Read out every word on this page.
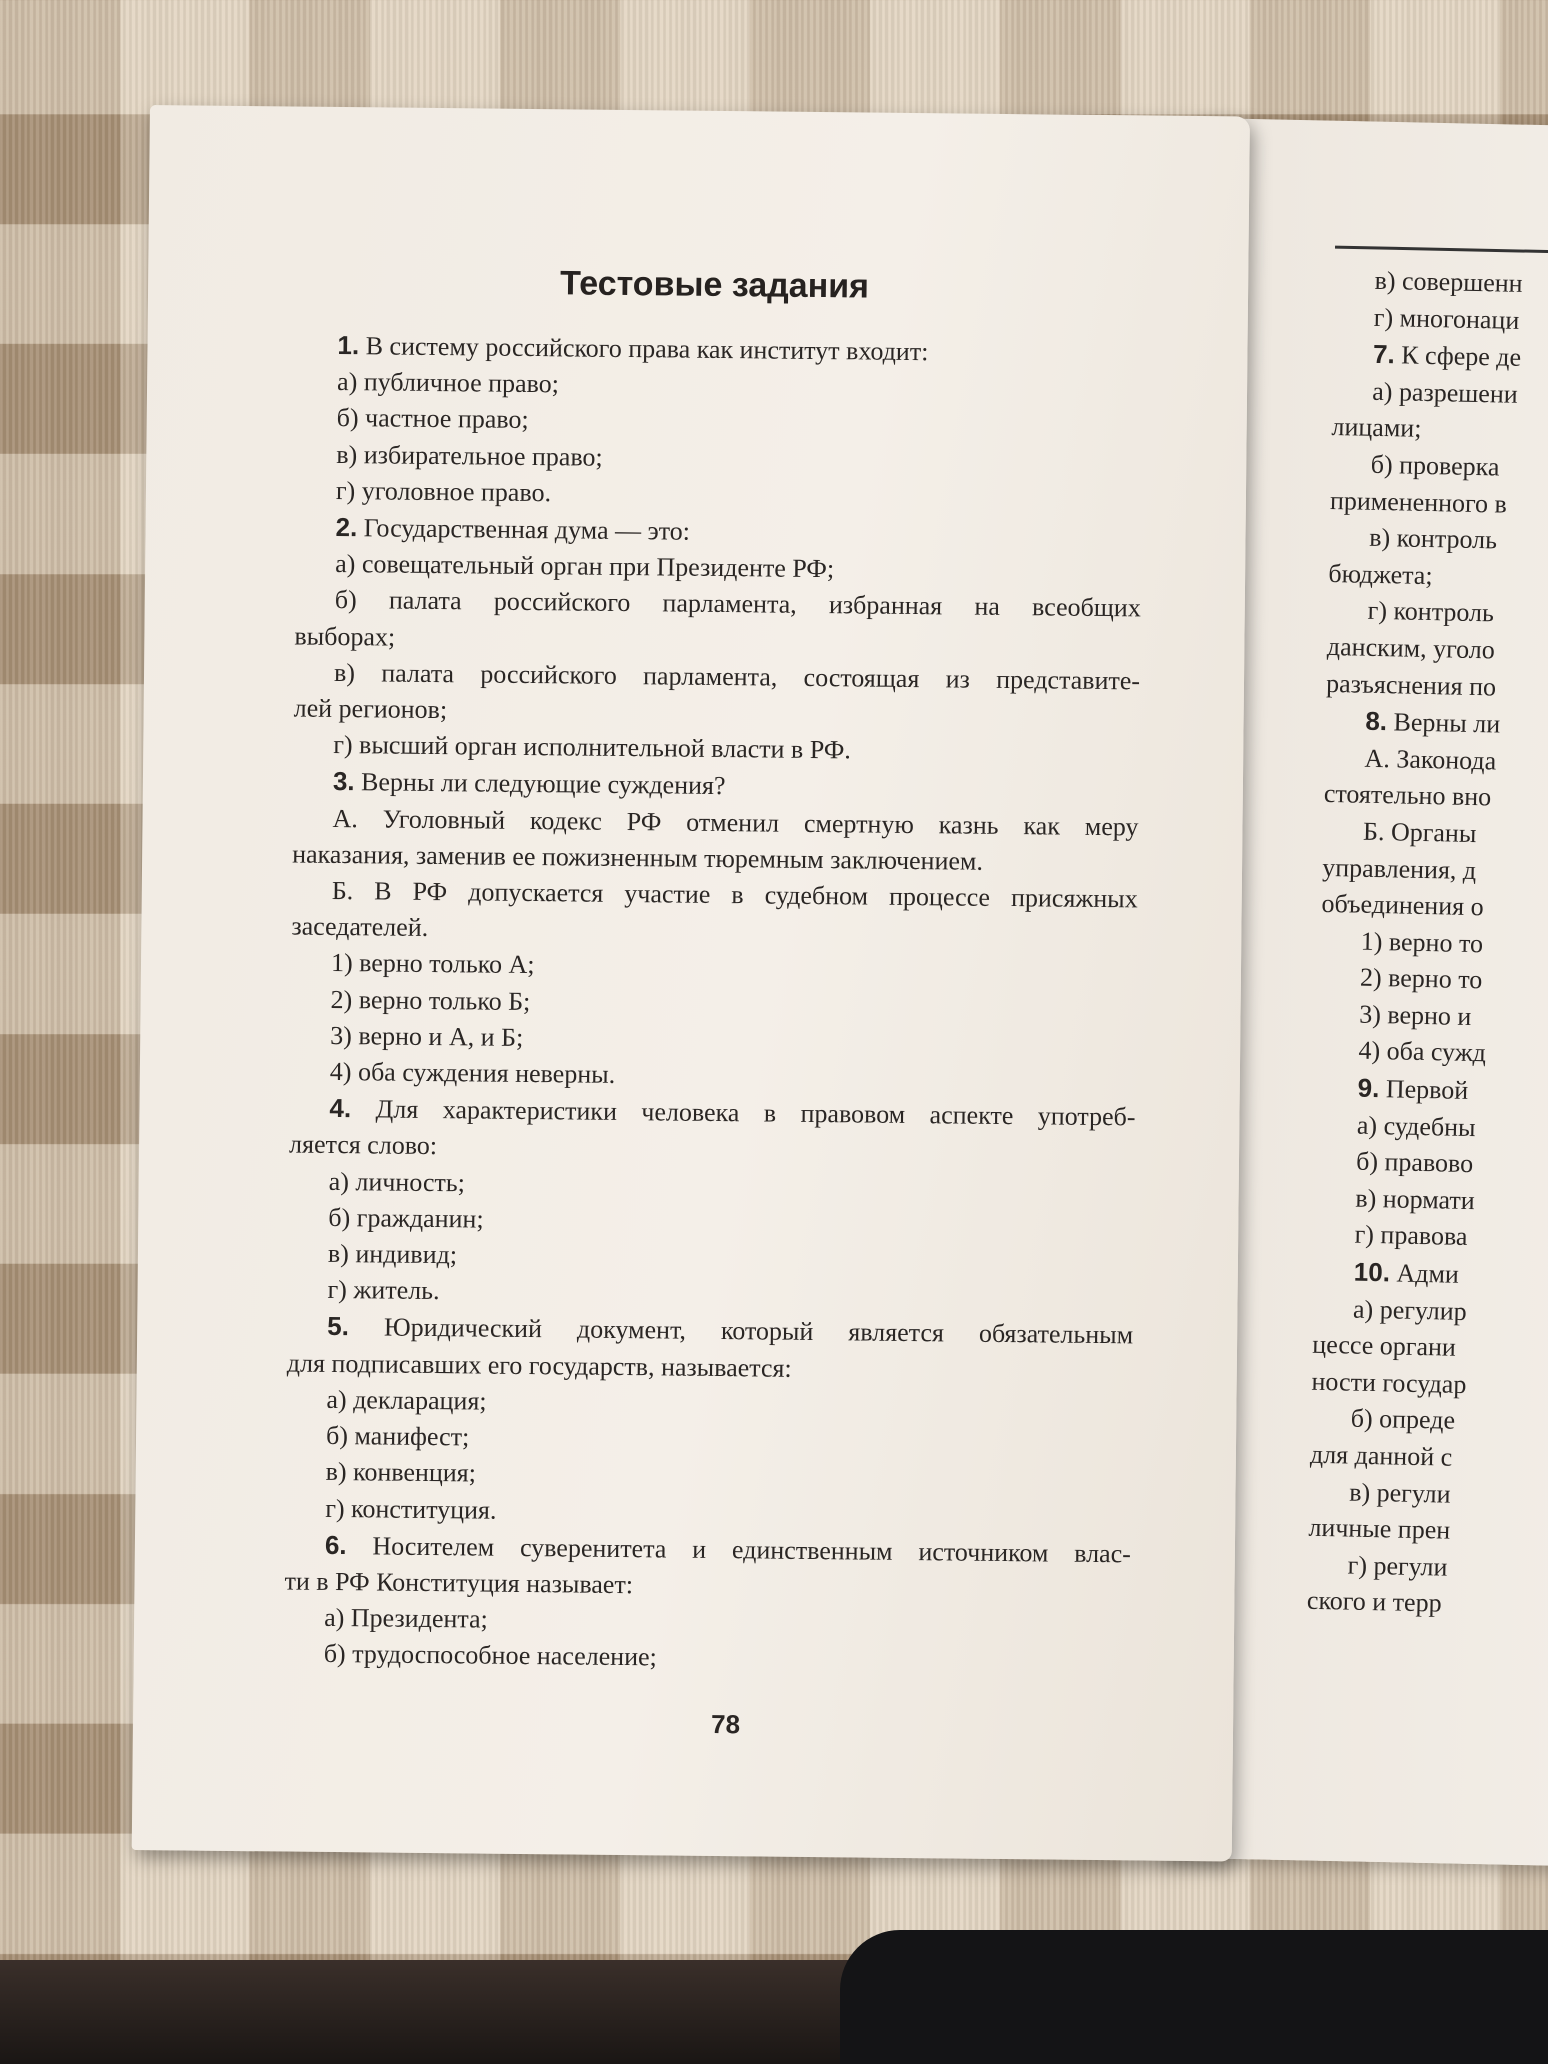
Тестовые задания
1. В систему российского права как институт входит:
а) публичное право;
б) частное право;
в) избирательное право;
г) уголовное право.
2. Государственная дума — это:
а) совещательный орган при Президенте РФ;
б) палата российского парламента, избранная на всеобщих
выборах;
в) палата российского парламента, состоящая из представите-
лей регионов;
г) высший орган исполнительной власти в РФ.
3. Верны ли следующие суждения?
А. Уголовный кодекс РФ отменил смертную казнь как меру
наказания, заменив ее пожизненным тюремным заключением.
Б. В РФ допускается участие в судебном процессе присяжных
заседателей.
1) верно только А;
2) верно только Б;
3) верно и А, и Б;
4) оба суждения неверны.
4. Для характеристики человека в правовом аспекте употреб-
ляется слово:
а) личность;
б) гражданин;
в) индивид;
г) житель.
5. Юридический документ, который является обязательным
для подписавших его государств, называется:
а) декларация;
б) манифест;
в) конвенция;
г) конституция.
6. Носителем суверенитета и единственным источником влас-
ти в РФ Конституция называет:
а) Президента;
б) трудоспособное население;
78
в) совершенн
г) многонаци
7. К сфере де
а) разрешени
лицами;
б) проверка
примененного в
в) контроль
бюджета;
г) контроль
данским, уголо
разъяснения по
8. Верны ли
А. Законода
стоятельно вно
Б. Органы
управления, д
объединения о
1) верно то
2) верно то
3) верно и
4) оба сужд
9. Первой
а) судебны
б) правово
в) нормати
г) правова
10. Адми
а) регулир
цессе органи
ности государ
б) опреде
для данной с
в) регули
личные прен
г) регули
ского и терр
